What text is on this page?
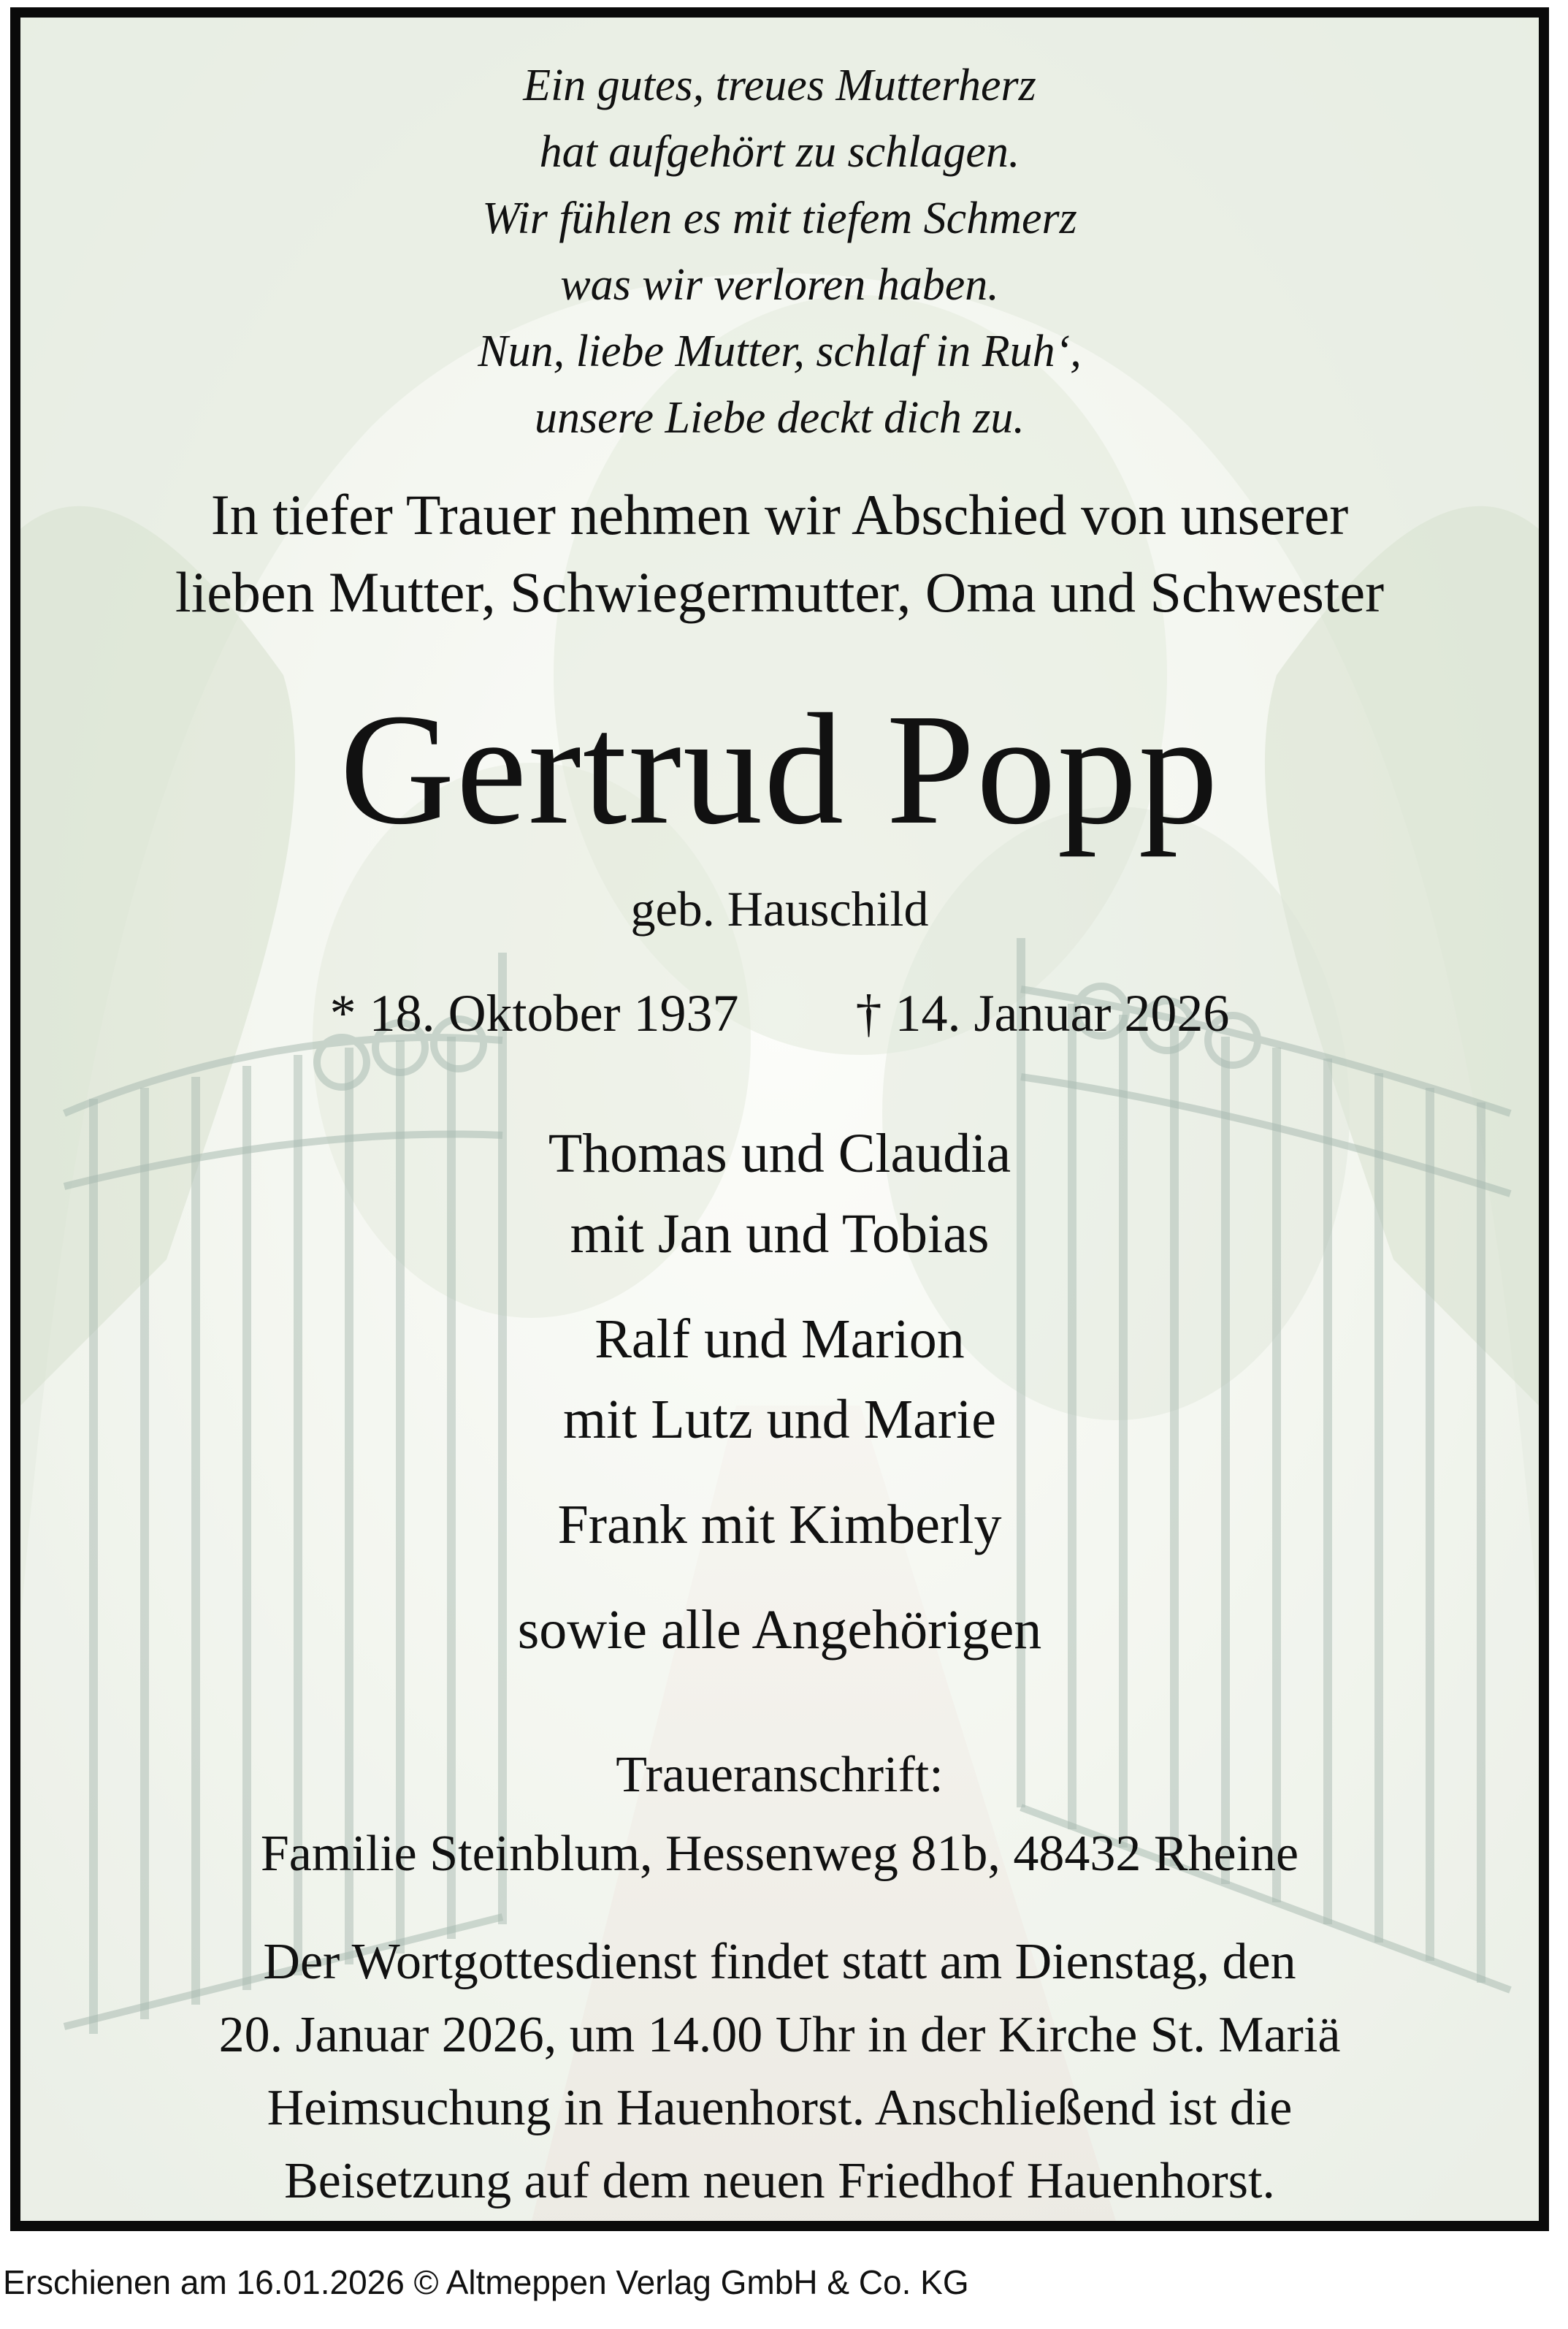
Ein gutes, treues Mutterherz
hat aufgehört zu schlagen.
Wir fühlen es mit tiefem Schmerz
was wir verloren haben.
Nun, liebe Mutter, schlaf in Ruh‘,
unsere Liebe deckt dich zu.
In tiefer Trauer nehmen wir Abschied von unserer
lieben Mutter, Schwiegermutter, Oma und Schwester
Gertrud Popp
geb. Hauschild
* 18. Oktober 1937 † 14. Januar 2026
Thomas und Claudia
mit Jan und Tobias
Ralf und Marion
mit Lutz und Marie
Frank mit Kimberly
sowie alle Angehörigen
Traueranschrift:
Familie Steinblum, Hessenweg 81b, 48432 Rheine
Der Wortgottesdienst findet statt am Dienstag, den
20. Januar 2026, um 14.00 Uhr in der Kirche St. Mariä
Heimsuchung in Hauenhorst. Anschließend ist die
Beisetzung auf dem neuen Friedhof Hauenhorst.
Erschienen am 16.01.2026 © Altmeppen Verlag GmbH & Co. KG
